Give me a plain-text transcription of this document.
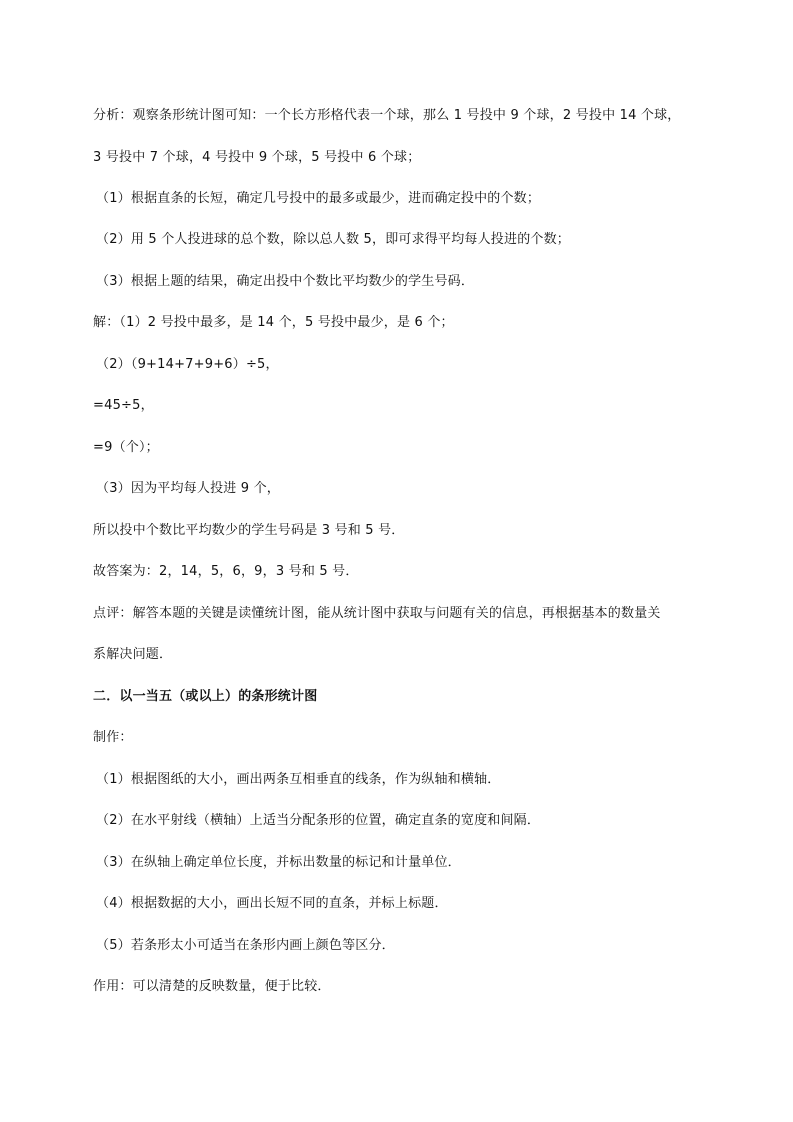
分析：观察条形统计图可知：一个长方形格代表一个球，那么 1 号投中 9 个球，2 号投中 14 个球，
3 号投中 7 个球，4 号投中 9 个球，5 号投中 6 个球；
（1）根据直条的长短，确定几号投中的最多或最少，进而确定投中的个数；
（2）用 5 个人投进球的总个数，除以总人数 5，即可求得平均每人投进的个数；
（3）根据上题的结果，确定出投中个数比平均数少的学生号码．
解：（1）2 号投中最多，是 14 个，5 号投中最少，是 6 个；
（2）（9+14+7+9+6）÷5，
=45÷5，
=9（个）；
（3）因为平均每人投进 9 个，
所以投中个数比平均数少的学生号码是 3 号和 5 号．
故答案为：2，14，5，6，9，3 号和 5 号．
点评：解答本题的关键是读懂统计图，能从统计图中获取与问题有关的信息，再根据基本的数量关
系解决问题．
二．以一当五（或以上）的条形统计图
制作：
（1）根据图纸的大小，画出两条互相垂直的线条，作为纵轴和横轴．
（2）在水平射线（横轴）上适当分配条形的位置，确定直条的宽度和间隔．
（3）在纵轴上确定单位长度，并标出数量的标记和计量单位．
（4）根据数据的大小，画出长短不同的直条，并标上标题．
（5）若条形太小可适当在条形内画上颜色等区分．
作用：可以清楚的反映数量，便于比较．
